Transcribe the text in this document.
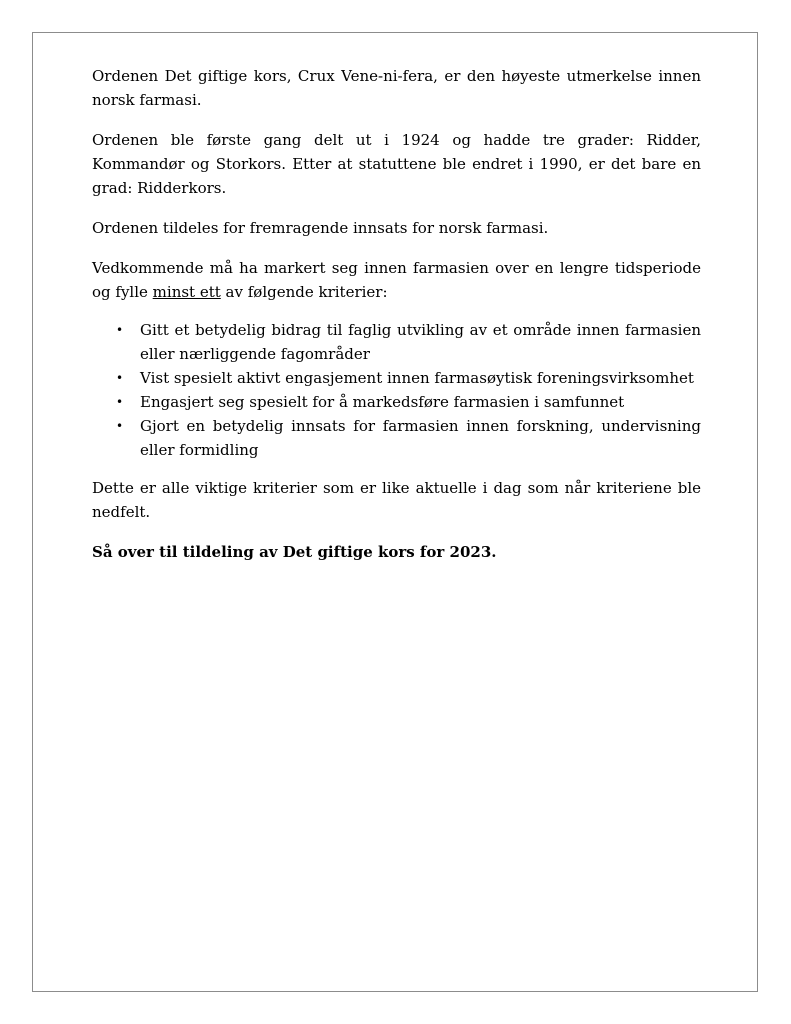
Ordenen Det giftige kors, Crux Vene-ni-fera, er den høyeste utmerkelse innen norsk farmasi.

Ordenen ble første gang delt ut i 1924 og hadde tre grader: Ridder, Kommandør og Storkors. Etter at statuttene ble endret i 1990, er det bare en grad: Ridderkors.

Ordenen tildeles for fremragende innsats for norsk farmasi.

Vedkommende må ha markert seg innen farmasien over en lengre tidsperiode og fylle minst ett av følgende kriterier:

• Gitt et betydelig bidrag til faglig utvikling av et område innen farmasien eller nærliggende fagområder
• Vist spesielt aktivt engasjement innen farmasøytisk foreningsvirksomhet
• Engasjert seg spesielt for å markedsføre farmasien i samfunnet
• Gjort en betydelig innsats for farmasien innen forskning, undervisning eller formidling

Dette er alle viktige kriterier som er like aktuelle i dag som når kriteriene ble nedfelt.

Så over til tildeling av Det giftige kors for 2023.
